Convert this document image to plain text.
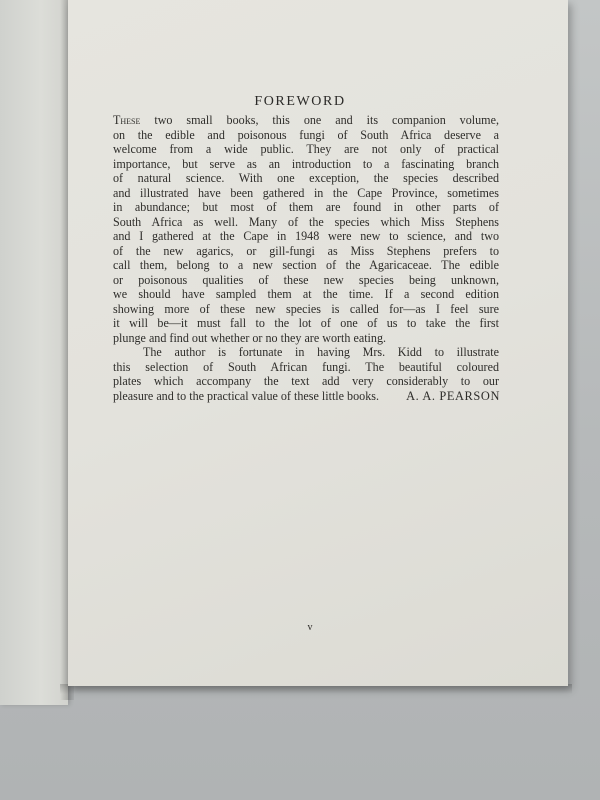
FOREWORD
These two small books, this one and its companion volume,
on the edible and poisonous fungi of South Africa deserve a
welcome from a wide public. They are not only of practical
importance, but serve as an introduction to a fascinating branch
of natural science. With one exception, the species described
and illustrated have been gathered in the Cape Province, sometimes
in abundance; but most of them are found in other parts of
South Africa as well. Many of the species which Miss Stephens
and I gathered at the Cape in 1948 were new to science, and two
of the new agarics, or gill-fungi as Miss Stephens prefers to
call them, belong to a new section of the Agaricaceae. The edible
or poisonous qualities of these new species being unknown,
we should have sampled them at the time. If a second edition
showing more of these new species is called for—as I feel sure
it will be—it must fall to the lot of one of us to take the first
plunge and find out whether or no they are worth eating.
The author is fortunate in having Mrs. Kidd to illustrate
this selection of South African fungi. The beautiful coloured
plates which accompany the text add very considerably to our
pleasure and to the practical value of these little books.	A. A. PEARSON
v
